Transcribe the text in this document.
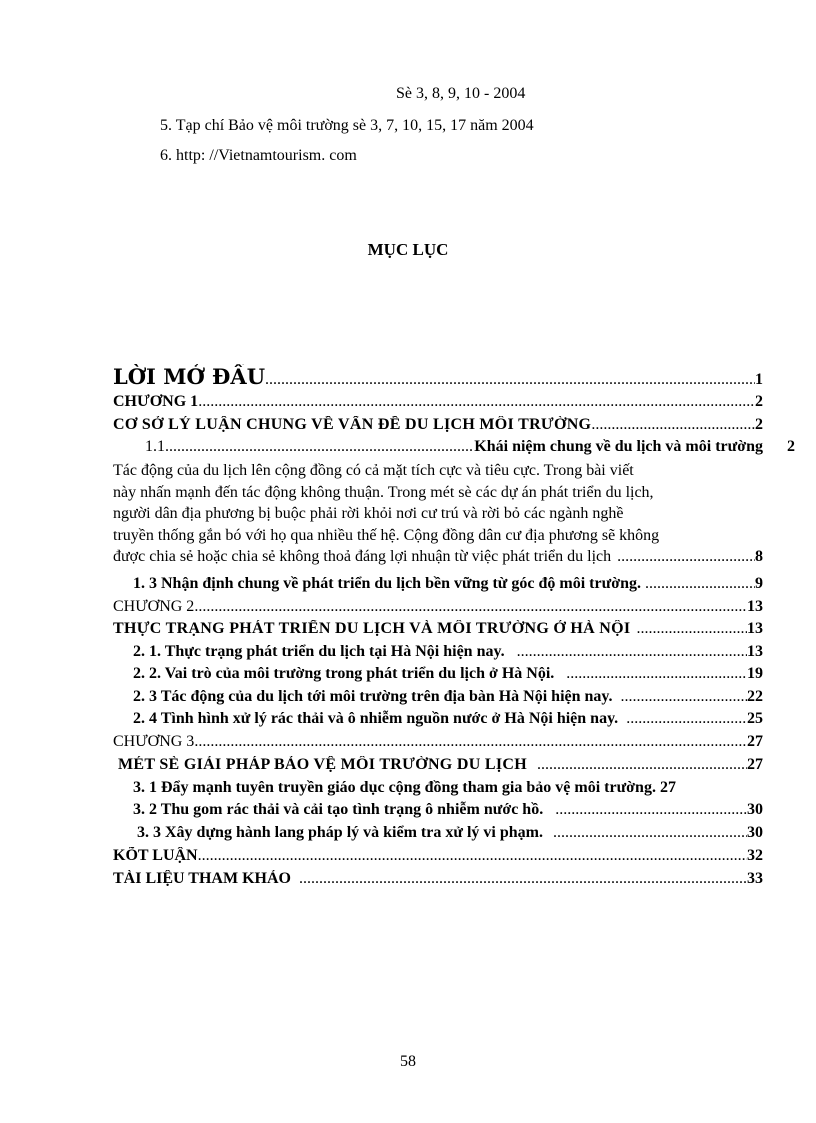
Sè 3, 8, 9, 10 - 2004
5. Tạp chí Bảo vệ môi trường sè 3, 7, 10, 15, 17 năm 2004
6. http: //Vietnamtourism. com
MỤC LỤC
LỜI MỞ ĐẦU .....	1
CHƯƠNG 1 .....	2
CƠ SỞ LÝ LUẬN CHUNG VỀ VẤN ĐỀ DU LỊCH MÔI TRƯỜNG .....	2
1.1 .....	Khái niệm chung về du lịch và môi trường 2
Tác động của du lịch lên cộng đồng có cả mặt tích cực và tiêu cực. Trong bài viết
này nhấn mạnh đến tác động không thuận. Trong mét sè các dự án phát triển du lịch,
người dân địa phương bị buộc phải rời khỏi nơi cư trú và rời bỏ các ngành nghề
truyền thống gắn bó với họ qua nhiều thế hệ. Cộng đồng dân cư địa phương sẽ không
được chia sẻ hoặc chia sẻ không thoả đáng lợi nhuận từ việc phát triển du lịch .....	8
1. 3 Nhận định chung về phát triển du lịch bền vững từ góc độ môi trường. .....	9
CHƯƠNG 2 .....	13
THỰC TRẠNG PHÁT TRIỂN DU LỊCH VÀ MÔI TRƯỜNG Ở HÀ NỘI .....	13
2. 1. Thực trạng phát triển du lịch tại Hà Nội hiện nay. .....	13
2. 2. Vai trò của môi trường trong phát triển du lịch ở Hà Nội. .....	19
2. 3 Tác động của du lịch tới môi trường trên địa bàn Hà Nội hiện nay. .....	22
2. 4 Tình hình xử lý rác thải và ô nhiễm nguồn nước ở Hà Nội hiện nay. .....	25
CHƯƠNG 3 .....	27
MÉT SÈ GIẢI PHÁP BẢO VỆ MÔI TRƯỜNG DU LỊCH .....	27
3. 1 Đẩy mạnh tuyên truyền giáo dục cộng đồng tham gia bảo vệ môi trường. 27
3. 2 Thu gom rác thải và cải tạo tình trạng ô nhiễm nước hồ. .....	30
3. 3 Xây dựng hành lang pháp lý và kiểm tra xử lý vi phạm. .....	30
KÕT LUẬN .....	32
TÀI LIỆU THAM KHẢO .....	33
58
